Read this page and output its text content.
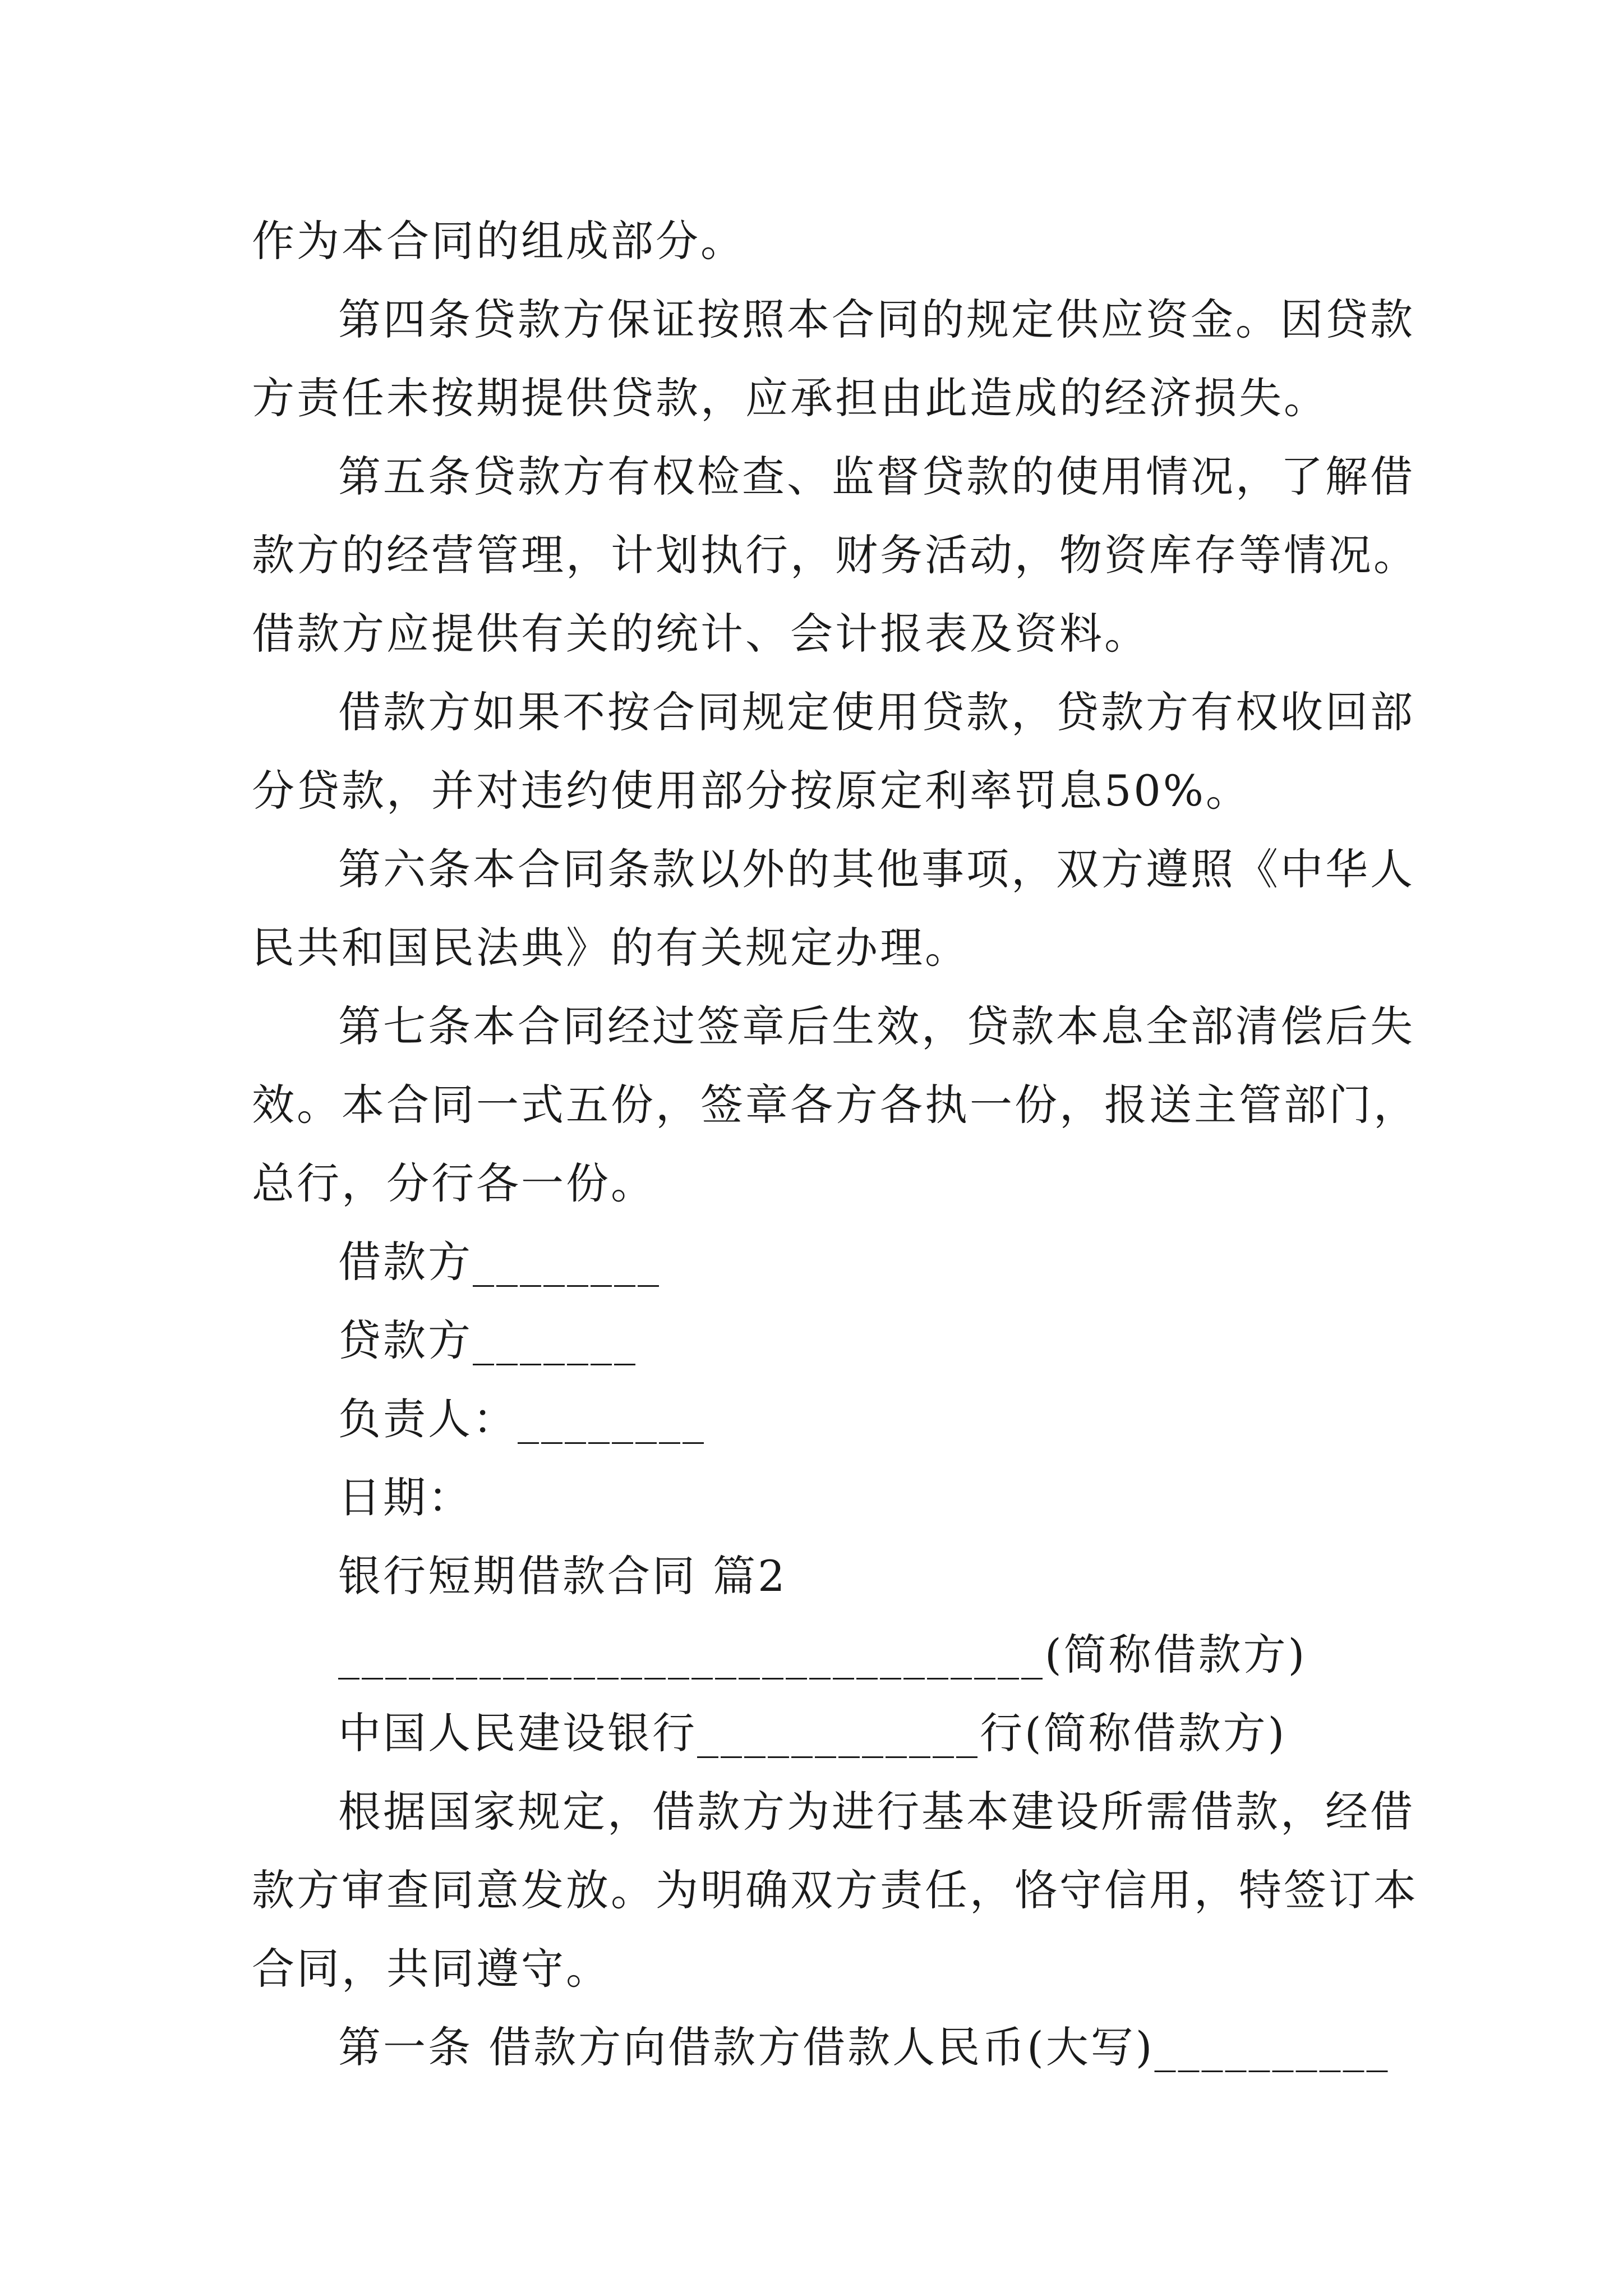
作为本合同的组成部分。
第四条贷款方保证按照本合同的规定供应资金。因贷款
方责任未按期提供贷款，应承担由此造成的经济损失。
第五条贷款方有权检查、监督贷款的使用情况，了解借
款方的经营管理，计划执行，财务活动，物资库存等情况。
借款方应提供有关的统计、会计报表及资料。
借款方如果不按合同规定使用贷款，贷款方有权收回部
分贷款，并对违约使用部分按原定利率罚息50%。
第六条本合同条款以外的其他事项，双方遵照《中华人
民共和国民法典》的有关规定办理。
第七条本合同经过签章后生效，贷款本息全部清偿后失
效。本合同一式五份，签章各方各执一份，报送主管部门，
总行，分行各一份。
借款方________
贷款方_______
负责人：________
日期：
银行短期借款合同 篇2
______________________________(简称借款方)
中国人民建设银行____________行(简称借款方)
根据国家规定，借款方为进行基本建设所需借款，经借
款方审查同意发放。为明确双方责任，恪守信用，特签订本
合同，共同遵守。
第一条 借款方向借款方借款人民币(大写)__________
